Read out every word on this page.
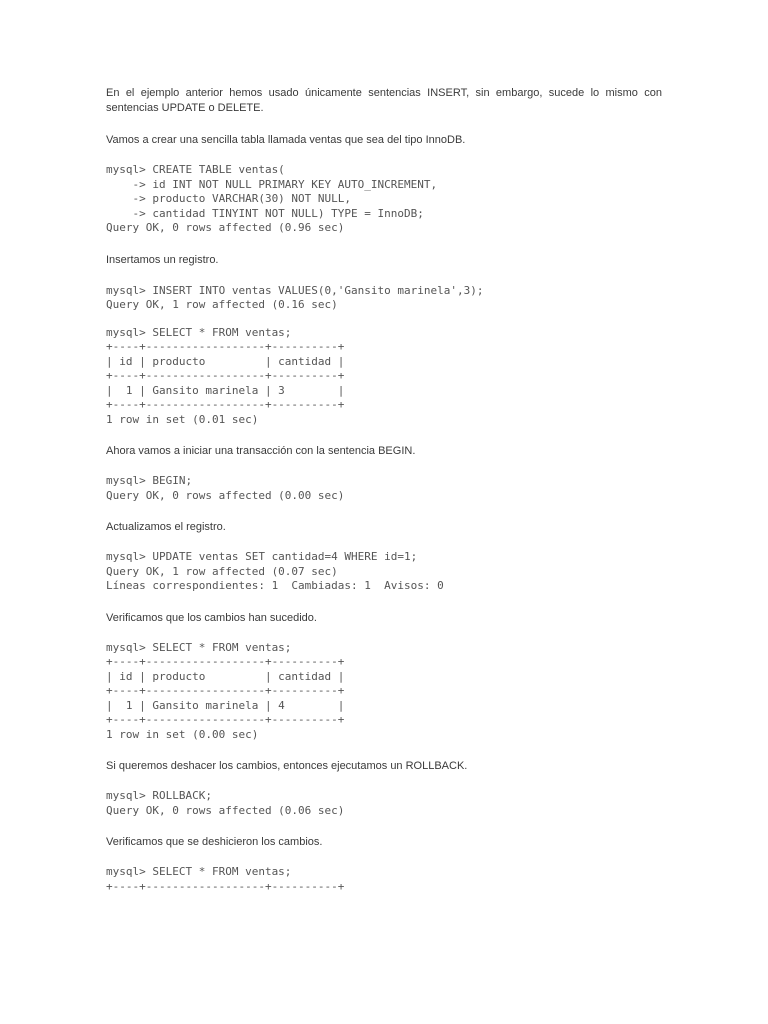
En el ejemplo anterior hemos usado únicamente sentencias INSERT, sin embargo, sucede lo mismo con sentencias UPDATE o DELETE.

Vamos a crear una sencilla tabla llamada ventas que sea del tipo InnoDB.

mysql> CREATE TABLE ventas(
-> id INT NOT NULL PRIMARY KEY AUTO_INCREMENT,
-> producto VARCHAR(30) NOT NULL,
-> cantidad TINYINT NOT NULL) TYPE = InnoDB;
Query OK, 0 rows affected (0.96 sec)

Insertamos un registro.

mysql> INSERT INTO ventas VALUES(0,'Gansito marinela',3);
Query OK, 1 row affected (0.16 sec)
mysql> SELECT * FROM ventas;
+----+------------------+----------+
| id | producto         | cantidad |
+----+------------------+----------+
|  1 | Gansito marinela | 3        |
+----+------------------+----------+
1 row in set (0.01 sec)

Ahora vamos a iniciar una transacción con la sentencia BEGIN.

mysql> BEGIN;
Query OK, 0 rows affected (0.00 sec)

Actualizamos el registro.

mysql> UPDATE ventas SET cantidad=4 WHERE id=1;
Query OK, 1 row affected (0.07 sec)
Líneas correspondientes: 1  Cambiadas: 1  Avisos: 0

Verificamos que los cambios han sucedido.

mysql> SELECT * FROM ventas;
+----+------------------+----------+
| id | producto         | cantidad |
+----+------------------+----------+
|  1 | Gansito marinela | 4        |
+----+------------------+----------+
1 row in set (0.00 sec)

Si queremos deshacer los cambios, entonces ejecutamos un ROLLBACK.

mysql> ROLLBACK;
Query OK, 0 rows affected (0.06 sec)

Verificamos que se deshicieron los cambios.

mysql> SELECT * FROM ventas;
+----+------------------+----------+
